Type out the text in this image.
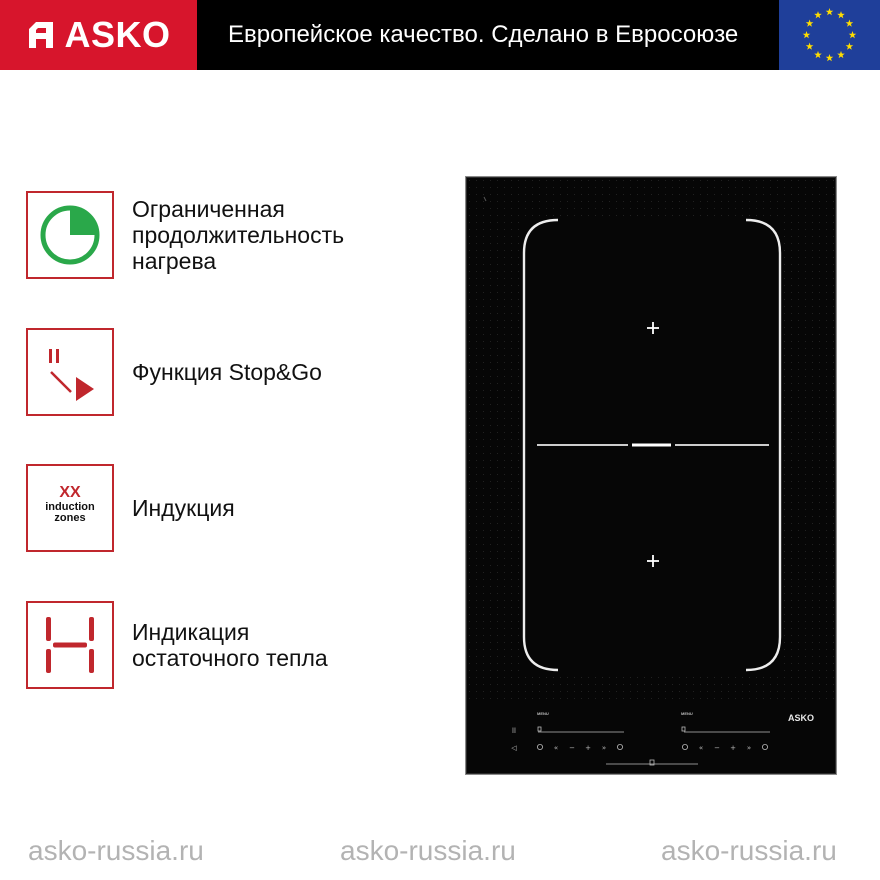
ASKO Европейское качество. Сделано в Евросоюзе
Ограниченная
продолжительность
нагрева
Функция Stop&Go
XX
induction
zones	Индукция
Индикация
остаточного тепла
ll
◁	« − + »	« − + »
MENU	MENU	ASKO
asko-russia.ru	asko-russia.ru	asko-russia.ru
